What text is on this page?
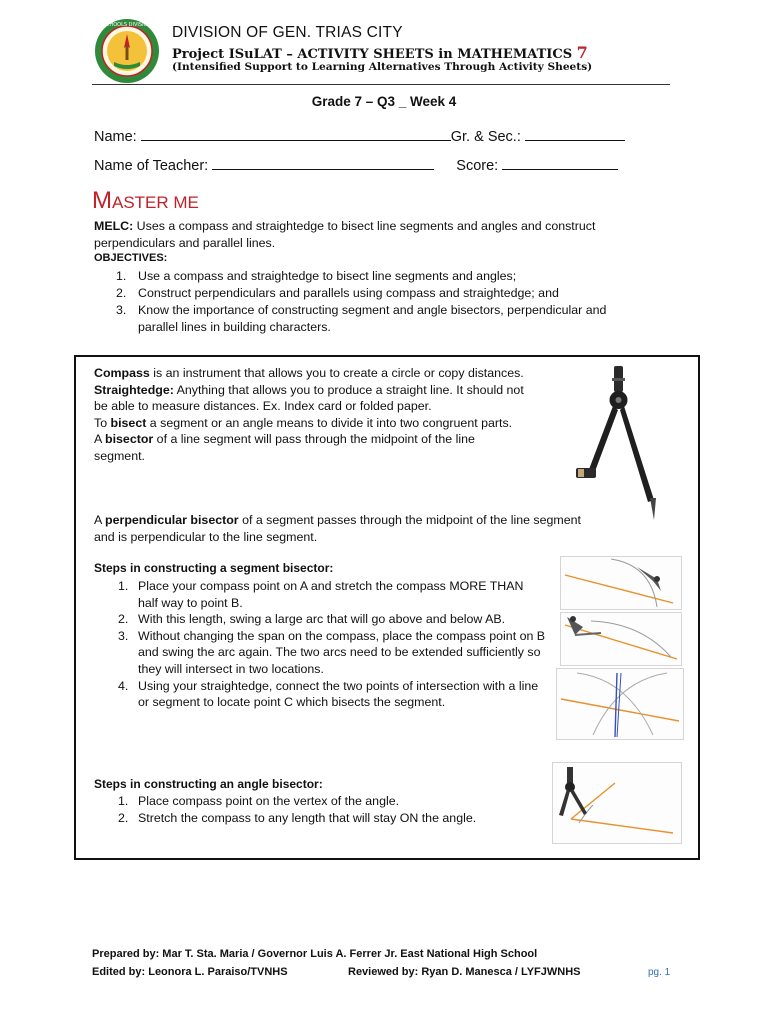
SCHOOLS DIVISION DIVISION OF GEN. TRIAS CITY
Project ISuLAT – ACTIVITY SHEETS in MATHEMATICS 7
(Intensified Support to Learning Alternatives Through Activity Sheets)
Grade 7 – Q3 _ Week 4
Name:	Gr. & Sec.:
Name of Teacher:	Score:
MASTER ME
MELC: Uses a compass and straightedge to bisect line segments and angles and construct perpendiculars and parallel lines.
OBJECTIVES:
1. Use a compass and straightedge to bisect line segments and angles;
2. Construct perpendiculars and parallels using compass and straightedge; and
3. Know the importance of constructing segment and angle bisectors, perpendicular and parallel lines in building characters.
Compass is an instrument that allows you to create a circle or copy distances.
Straightedge: Anything that allows you to produce a straight line. It should not be able to measure distances. Ex. Index card or folded paper.
To bisect a segment or an angle means to divide it into two congruent parts.
A bisector of a line segment will pass through the midpoint of the line segment.
A perpendicular bisector of a segment passes through the midpoint of the line segment and is perpendicular to the line segment.
Steps in constructing a segment bisector:
1. Place your compass point on A and stretch the compass MORE THAN half way to point B.
2. With this length, swing a large arc that will go above and below AB.
3. Without changing the span on the compass, place the compass point on B and swing the arc again. The two arcs need to be extended sufficiently so they will intersect in two locations.
4. Using your straightedge, connect the two points of intersection with a line or segment to locate point C which bisects the segment.
Steps in constructing an angle bisector:
1. Place compass point on the vertex of the angle.
2. Stretch the compass to any length that will stay ON the angle.
Prepared by: Mar T. Sta. Maria / Governor Luis A. Ferrer Jr. East National High School
Edited by: Leonora L. Paraiso/TVNHS	Reviewed by: Ryan D. Manesca / LYFJWNHS	pg. 1
